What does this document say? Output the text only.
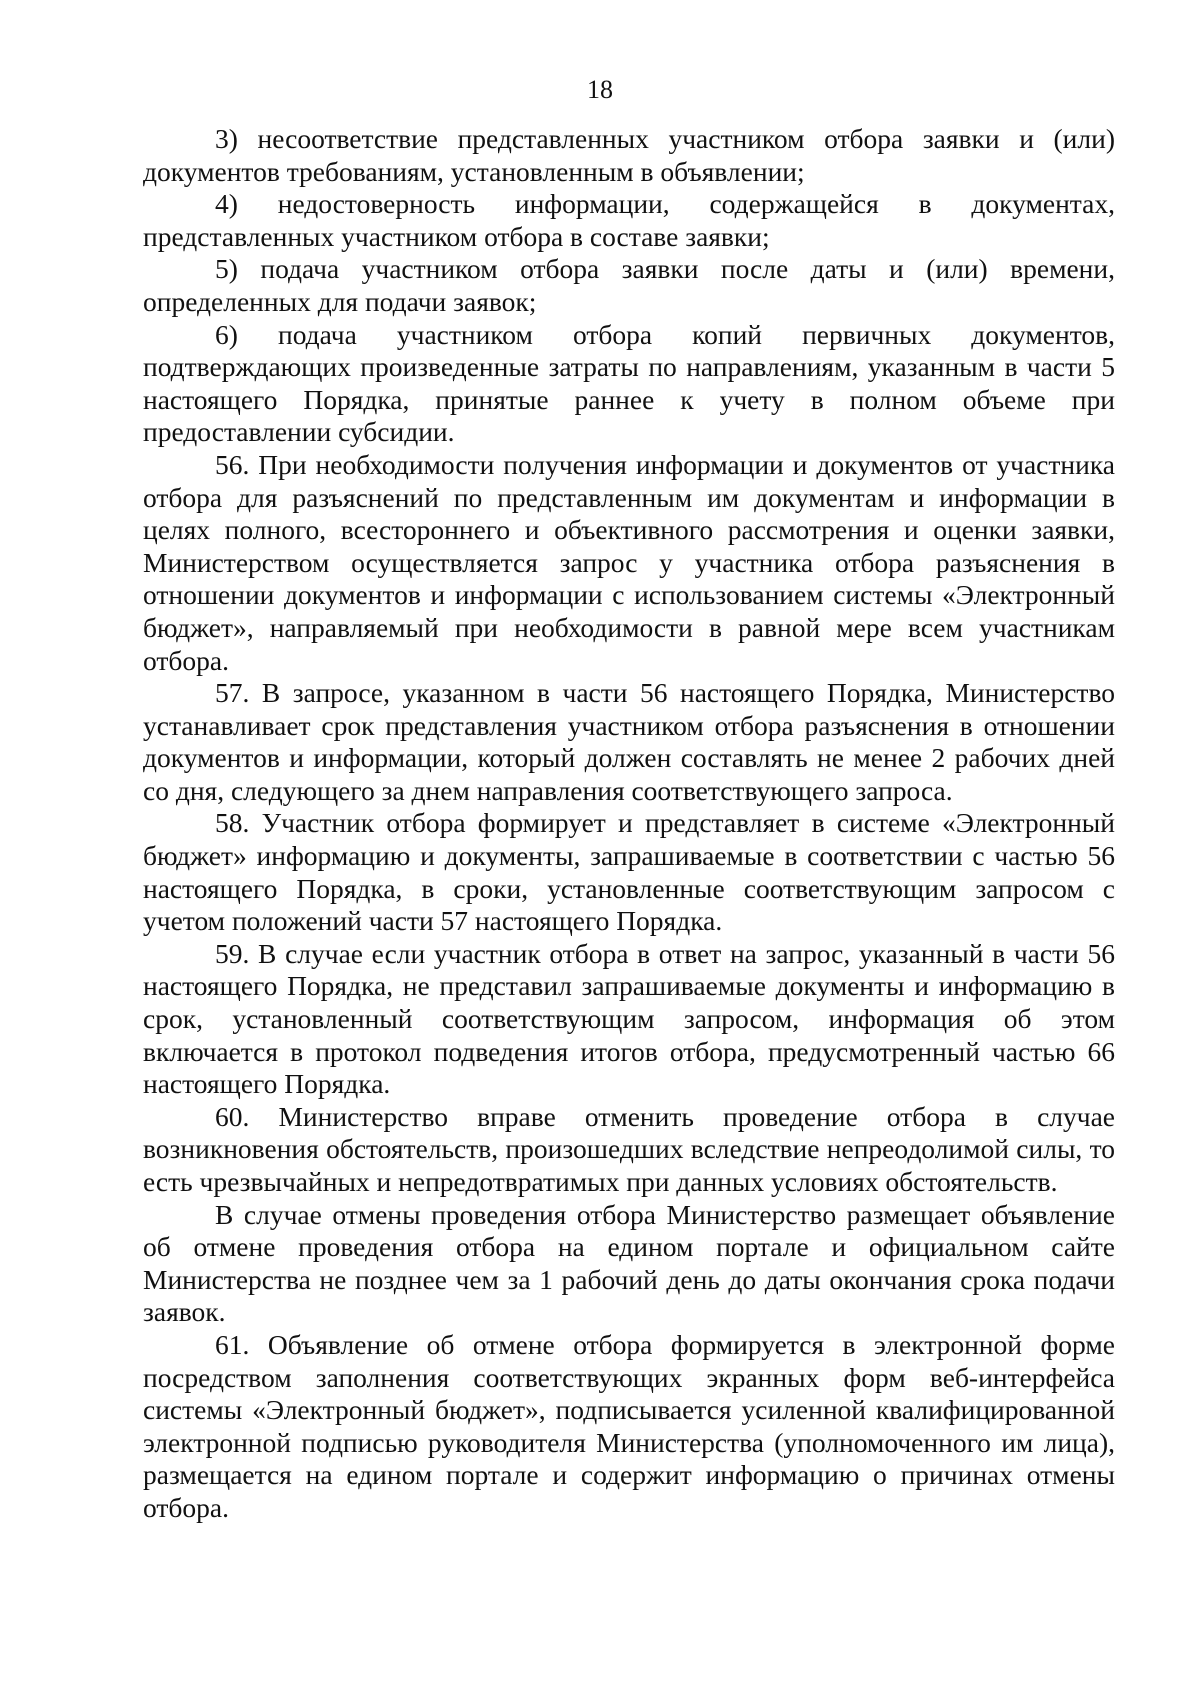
18

3) несоответствие представленных участником отбора заявки и (или) документов требованиям, установленным в объявлении;

4) недостоверность информации, содержащейся в документах, представленных участником отбора в составе заявки;

5) подача участником отбора заявки после даты и (или) времени, определенных для подачи заявок;

6) подача участником отбора копий первичных документов, подтверждающих произведенные затраты по направлениям, указанным в части 5 настоящего Порядка, принятые раннее к учету в полном объеме при предоставлении субсидии.

56. При необходимости получения информации и документов от участника отбора для разъяснений по представленным им документам и информации в целях полного, всестороннего и объективного рассмотрения и оценки заявки, Министерством осуществляется запрос у участника отбора разъяснения в отношении документов и информации с использованием системы «Электронный бюджет», направляемый при необходимости в равной мере всем участникам отбора.

57. В запросе, указанном в части 56 настоящего Порядка, Министерство устанавливает срок представления участником отбора разъяснения в отношении документов и информации, который должен составлять не менее 2 рабочих дней со дня, следующего за днем направления соответствующего запроса.

58. Участник отбора формирует и представляет в системе «Электронный бюджет» информацию и документы, запрашиваемые в соответствии с частью 56 настоящего Порядка, в сроки, установленные соответствующим запросом с учетом положений части 57 настоящего Порядка.

59. В случае если участник отбора в ответ на запрос, указанный в части 56 настоящего Порядка, не представил запрашиваемые документы и информацию в срок, установленный соответствующим запросом, информация об этом включается в протокол подведения итогов отбора, предусмотренный частью 66 настоящего Порядка.

60. Министерство вправе отменить проведение отбора в случае возникновения обстоятельств, произошедших вследствие непреодолимой силы, то есть чрезвычайных и непредотвратимых при данных условиях обстоятельств.

В случае отмены проведения отбора Министерство размещает объявление об отмене проведения отбора на едином портале и официальном сайте Министерства не позднее чем за 1 рабочий день до даты окончания срока подачи заявок.

61. Объявление об отмене отбора формируется в электронной форме посредством заполнения соответствующих экранных форм веб-интерфейса системы «Электронный бюджет», подписывается усиленной квалифицированной электронной подписью руководителя Министерства (уполномоченного им лица), размещается на едином портале и содержит информацию о причинах отмены отбора.
